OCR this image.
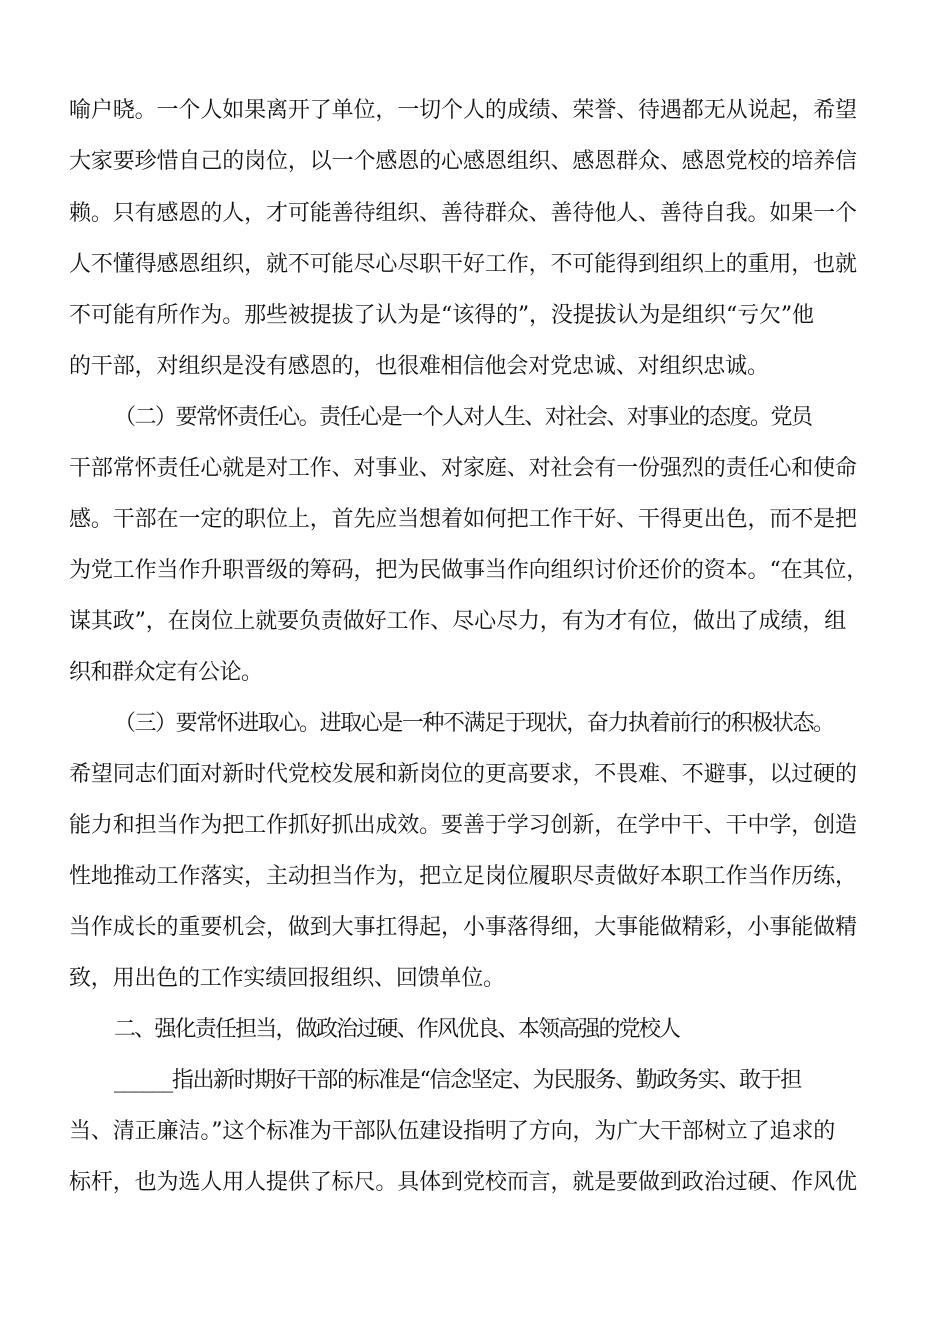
喻户晓。一个人如果离开了单位，一切个人的成绩、荣誉、待遇都无从说起，希望
大家要珍惜自己的岗位，以一个感恩的心感恩组织、感恩群众、感恩党校的培养信
赖。只有感恩的人，才可能善待组织、善待群众、善待他人、善待自我。如果一个
人不懂得感恩组织，就不可能尽心尽职干好工作，不可能得到组织上的重用，也就
不可能有所作为。那些被提拔了认为是“该得的”，没提拔认为是组织“亏欠”他
的干部，对组织是没有感恩的，也很难相信他会对党忠诚、对组织忠诚。
（二）要常怀责任心。责任心是一个人对人生、对社会、对事业的态度。党员
干部常怀责任心就是对工作、对事业、对家庭、对社会有一份强烈的责任心和使命
感。干部在一定的职位上，首先应当想着如何把工作干好、干得更出色，而不是把
为党工作当作升职晋级的筹码，把为民做事当作向组织讨价还价的资本。“在其位，
谋其政”，在岗位上就要负责做好工作、尽心尽力，有为才有位，做出了成绩，组
织和群众定有公论。
（三）要常怀进取心。进取心是一种不满足于现状，奋力执着前行的积极状态。
希望同志们面对新时代党校发展和新岗位的更高要求，不畏难、不避事，以过硬的
能力和担当作为把工作抓好抓出成效。要善于学习创新，在学中干、干中学，创造
性地推动工作落实，主动担当作为，把立足岗位履职尽责做好本职工作当作历练，
当作成长的重要机会，做到大事扛得起，小事落得细，大事能做精彩，小事能做精
致，用出色的工作实绩回报组织、回馈单位。
二、强化责任担当，做政治过硬、作风优良、本领高强的党校人
______指出新时期好干部的标准是“信念坚定、为民服务、勤政务实、敢于担
当、清正廉洁。”这个标准为干部队伍建设指明了方向，为广大干部树立了追求的
标杆，也为选人用人提供了标尺。具体到党校而言，就是要做到政治过硬、作风优
